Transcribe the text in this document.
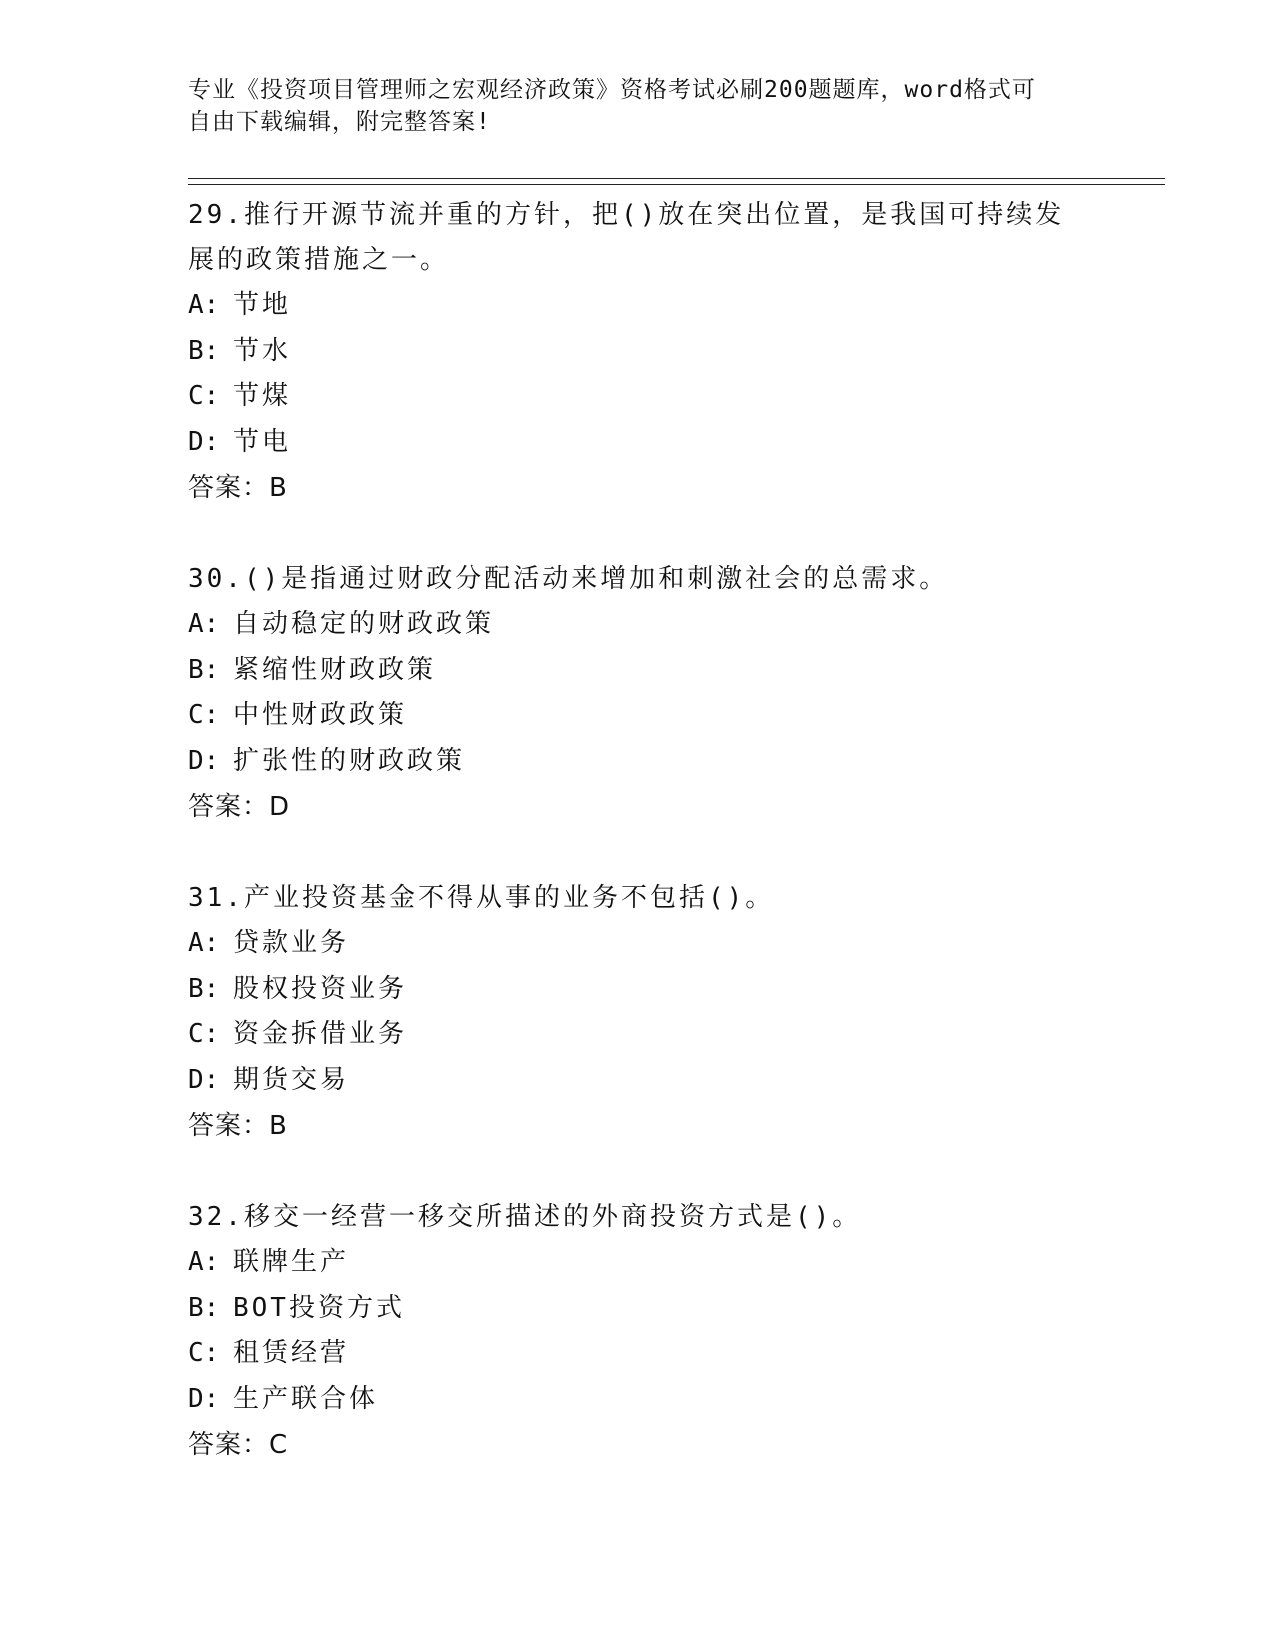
专业《投资项目管理师之宏观经济政策》资格考试必刷200题题库，word格式可
自由下载编辑，附完整答案!
29.推行开源节流并重的方针，把()放在突出位置，是我国可持续发展的政策措施之一。
A: 节地
B: 节水
C: 节煤
D: 节电
答案：B
30.()是指通过财政分配活动来增加和刺激社会的总需求。
A: 自动稳定的财政政策
B: 紧缩性财政政策
C: 中性财政政策
D: 扩张性的财政政策
答案：D
31.产业投资基金不得从事的业务不包括()。
A: 贷款业务
B: 股权投资业务
C: 资金拆借业务
D: 期货交易
答案：B
32.移交一经营一移交所描述的外商投资方式是()。
A: 联牌生产
B: BOT投资方式
C: 租赁经营
D: 生产联合体
答案：C
